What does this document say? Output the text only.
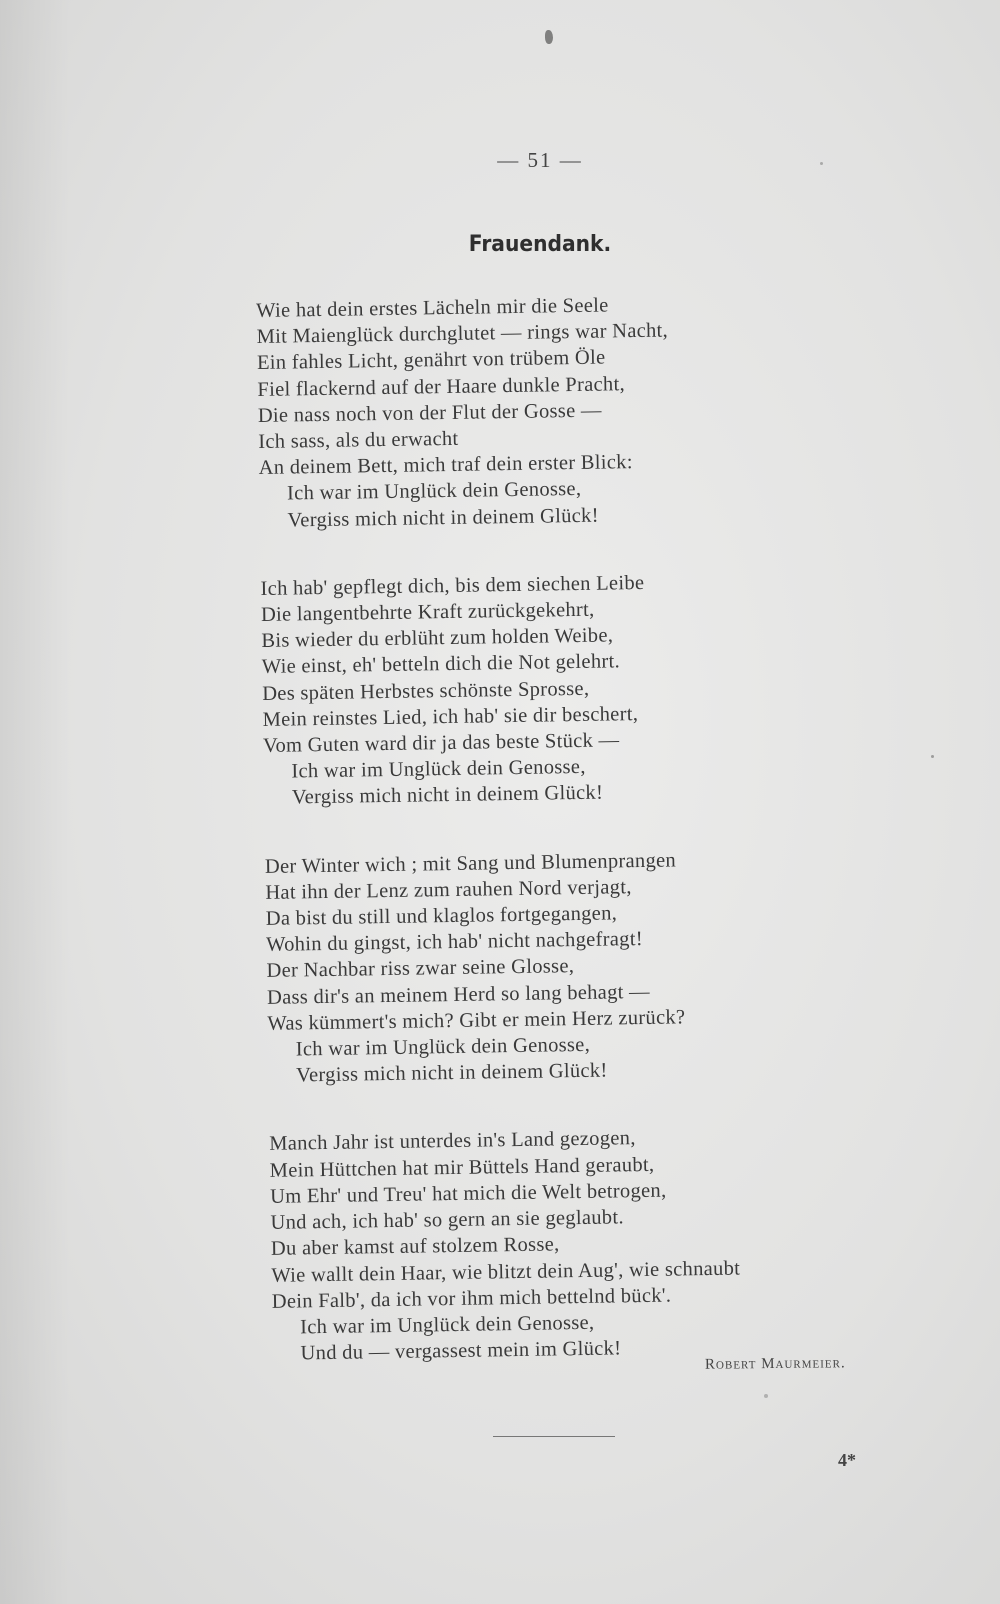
— 51 —
Frauendank.
Wie hat dein erstes Lächeln mir die Seele
Mit Maienglück durchglutet — rings war Nacht,
Ein fahles Licht, genährt von trübem Öle
Fiel flackernd auf der Haare dunkle Pracht,
Die nass noch von der Flut der Gosse —
Ich sass, als du erwacht
An deinem Bett, mich traf dein erster Blick:
Ich war im Unglück dein Genosse,
Vergiss mich nicht in deinem Glück!
Ich hab' gepflegt dich, bis dem siechen Leibe
Die langentbehrte Kraft zurückgekehrt,
Bis wieder du erblüht zum holden Weibe,
Wie einst, eh' betteln dich die Not gelehrt.
Des späten Herbstes schönste Sprosse,
Mein reinstes Lied, ich hab' sie dir beschert,
Vom Guten ward dir ja das beste Stück —
Ich war im Unglück dein Genosse,
Vergiss mich nicht in deinem Glück!
Der Winter wich ; mit Sang und Blumenprangen
Hat ihn der Lenz zum rauhen Nord verjagt,
Da bist du still und klaglos fortgegangen,
Wohin du gingst, ich hab' nicht nachgefragt!
Der Nachbar riss zwar seine Glosse,
Dass dir's an meinem Herd so lang behagt —
Was kümmert's mich? Gibt er mein Herz zurück?
Ich war im Unglück dein Genosse,
Vergiss mich nicht in deinem Glück!
Manch Jahr ist unterdes in's Land gezogen,
Mein Hüttchen hat mir Büttels Hand geraubt,
Um Ehr' und Treu' hat mich die Welt betrogen,
Und ach, ich hab' so gern an sie geglaubt.
Du aber kamst auf stolzem Rosse,
Wie wallt dein Haar, wie blitzt dein Aug', wie schnaubt
Dein Falb', da ich vor ihm mich bettelnd bück'.
Ich war im Unglück dein Genosse,
Und du — vergassest mein im Glück!	Robert Maurmeier.
4*
